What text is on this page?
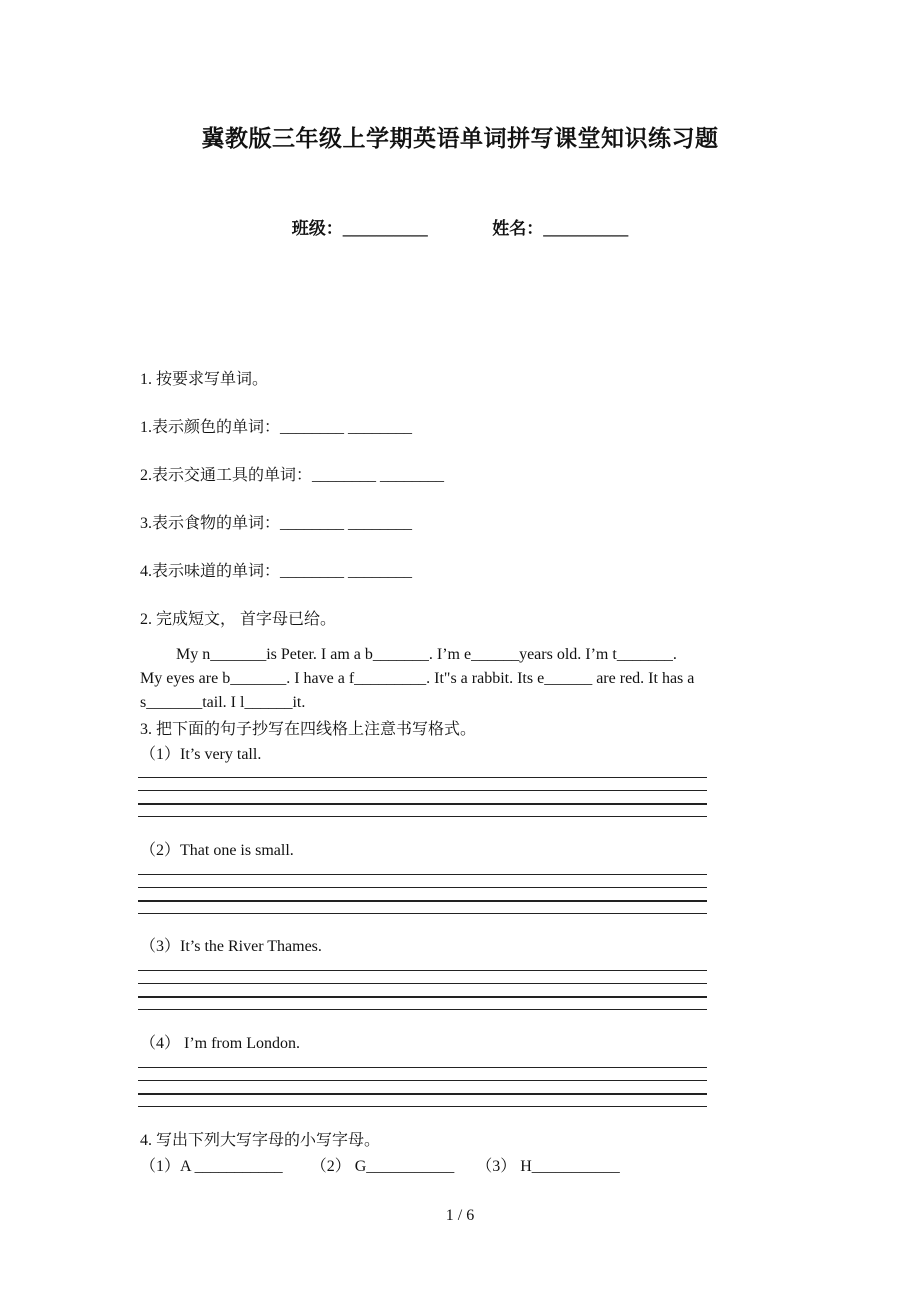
冀教版三年级上学期英语单词拼写课堂知识练习题
班级：__________	姓名：__________
1. 按要求写单词。
1.表示颜色的单词：________ ________
2.表示交通工具的单词：________ ________
3.表示食物的单词：________ ________
4.表示味道的单词：________ ________
2. 完成短文， 首字母已给。

My n_______is Peter. I am a b_______. I’m e______years old. I’m t_______.

My eyes are b_______. I have a f_________. It"s a rabbit. Its e______ are red. It has a

s_______tail. I l______it.

3. 把下面的句子抄写在四线格上注意书写格式。
（1）It’s very tall.
（2）That one is small.
（3）It’s the River Thames.
（4） I’m from London.
4. 写出下列大写字母的小写字母。
（1）A ___________ （2） G___________ （3） H___________
1 / 6
